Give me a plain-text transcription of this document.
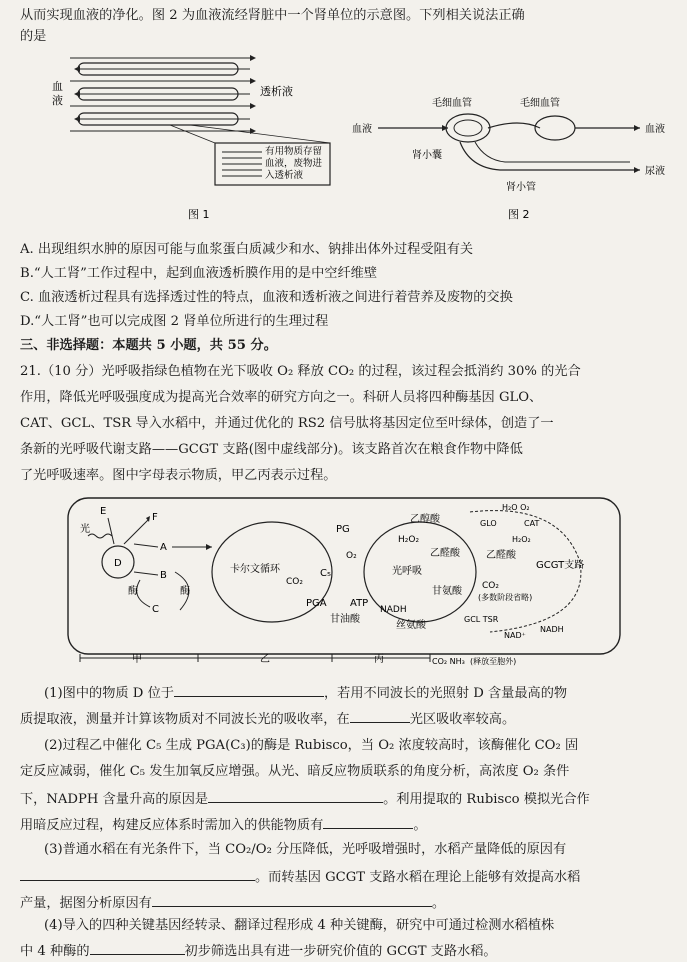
从而实现血液的净化。图 2 为血液流经肾脏中一个肾单位的示意图。下列相关说法正确
的是
血
液
透析液
有用物质存留
血液，废物进
入透析液
图 1
毛细血管	毛细血管
血液	血液
尿液
肾小囊
肾小管
图 2
A. 出现组织水肿的原因可能与血浆蛋白质减少和水、钠排出体外过程受阻有关
B.“人工肾”工作过程中，起到血液透析膜作用的是中空纤维壁
C. 血液透析过程具有选择透过性的特点，血液和透析液之间进行着营养及废物的交换
D.“人工肾”也可以完成图 2 肾单位所进行的生理过程
三、非选择题：本题共 5 小题，共 55 分。
21.（10 分）光呼吸指绿色植物在光下吸收 O₂ 释放 CO₂ 的过程，该过程会抵消约 30% 的光合
作用，降低光呼吸强度成为提高光合效率的研究方向之一。科研人员将四种酶基因 GLO、
CAT、GCL、TSR 导入水稻中，并通过优化的 RS2 信号肽将基因定位至叶绿体，创造了一
条新的光呼吸代谢支路——GCGT 支路(图中虚线部分)。该支路首次在粮食作物中降低
了光呼吸速率。图中字母表示物质，甲乙丙表示过程。
光
D
E
F
A
B
C
酶	酶
卡尔文循环
CO₂
C₅
PG
O₂
PGA ATP
甘油酸
光呼吸
乙醇酸
H₂O₂
乙醛酸
甘氨酸
NADH
丝氨酸
CO₂
(多数阶段省略)
H₂O O₂
GLO	CAT
H₂O₂
乙醛酸
GCGT支路
GCL TSR
NAD⁺
NADH
CO₂ NH₃ (释放至胞外)
甲	乙	丙
(1)图中的物质 D 位于	，若用不同波长的光照射 D 含量最高的物
质提取液，测量并计算该物质对不同波长光的吸收率，在	光区吸收率较高。
(2)过程乙中催化 C₅ 生成 PGA(C₃)的酶是 Rubisco，当 O₂ 浓度较高时，该酶催化 CO₂ 固
定反应减弱，催化 C₅ 发生加氧反应增强。从光、暗反应物质联系的角度分析，高浓度 O₂ 条件
下，NADPH 含量升高的原因是	。利用提取的 Rubisco 模拟光合作
用暗反应过程，构建反应体系时需加入的供能物质有	。
(3)普通水稻在有光条件下，当 CO₂/O₂ 分压降低，光呼吸增强时，水稻产量降低的原因有
。而转基因 GCGT 支路水稻在理论上能够有效提高水稻
产量，据图分析原因有	。
(4)导入的四种关键基因经转录、翻译过程形成 4 种关键酶，研究中可通过检测水稻植株
中 4 种酶的	初步筛选出具有进一步研究价值的 GCGT 支路水稻。
